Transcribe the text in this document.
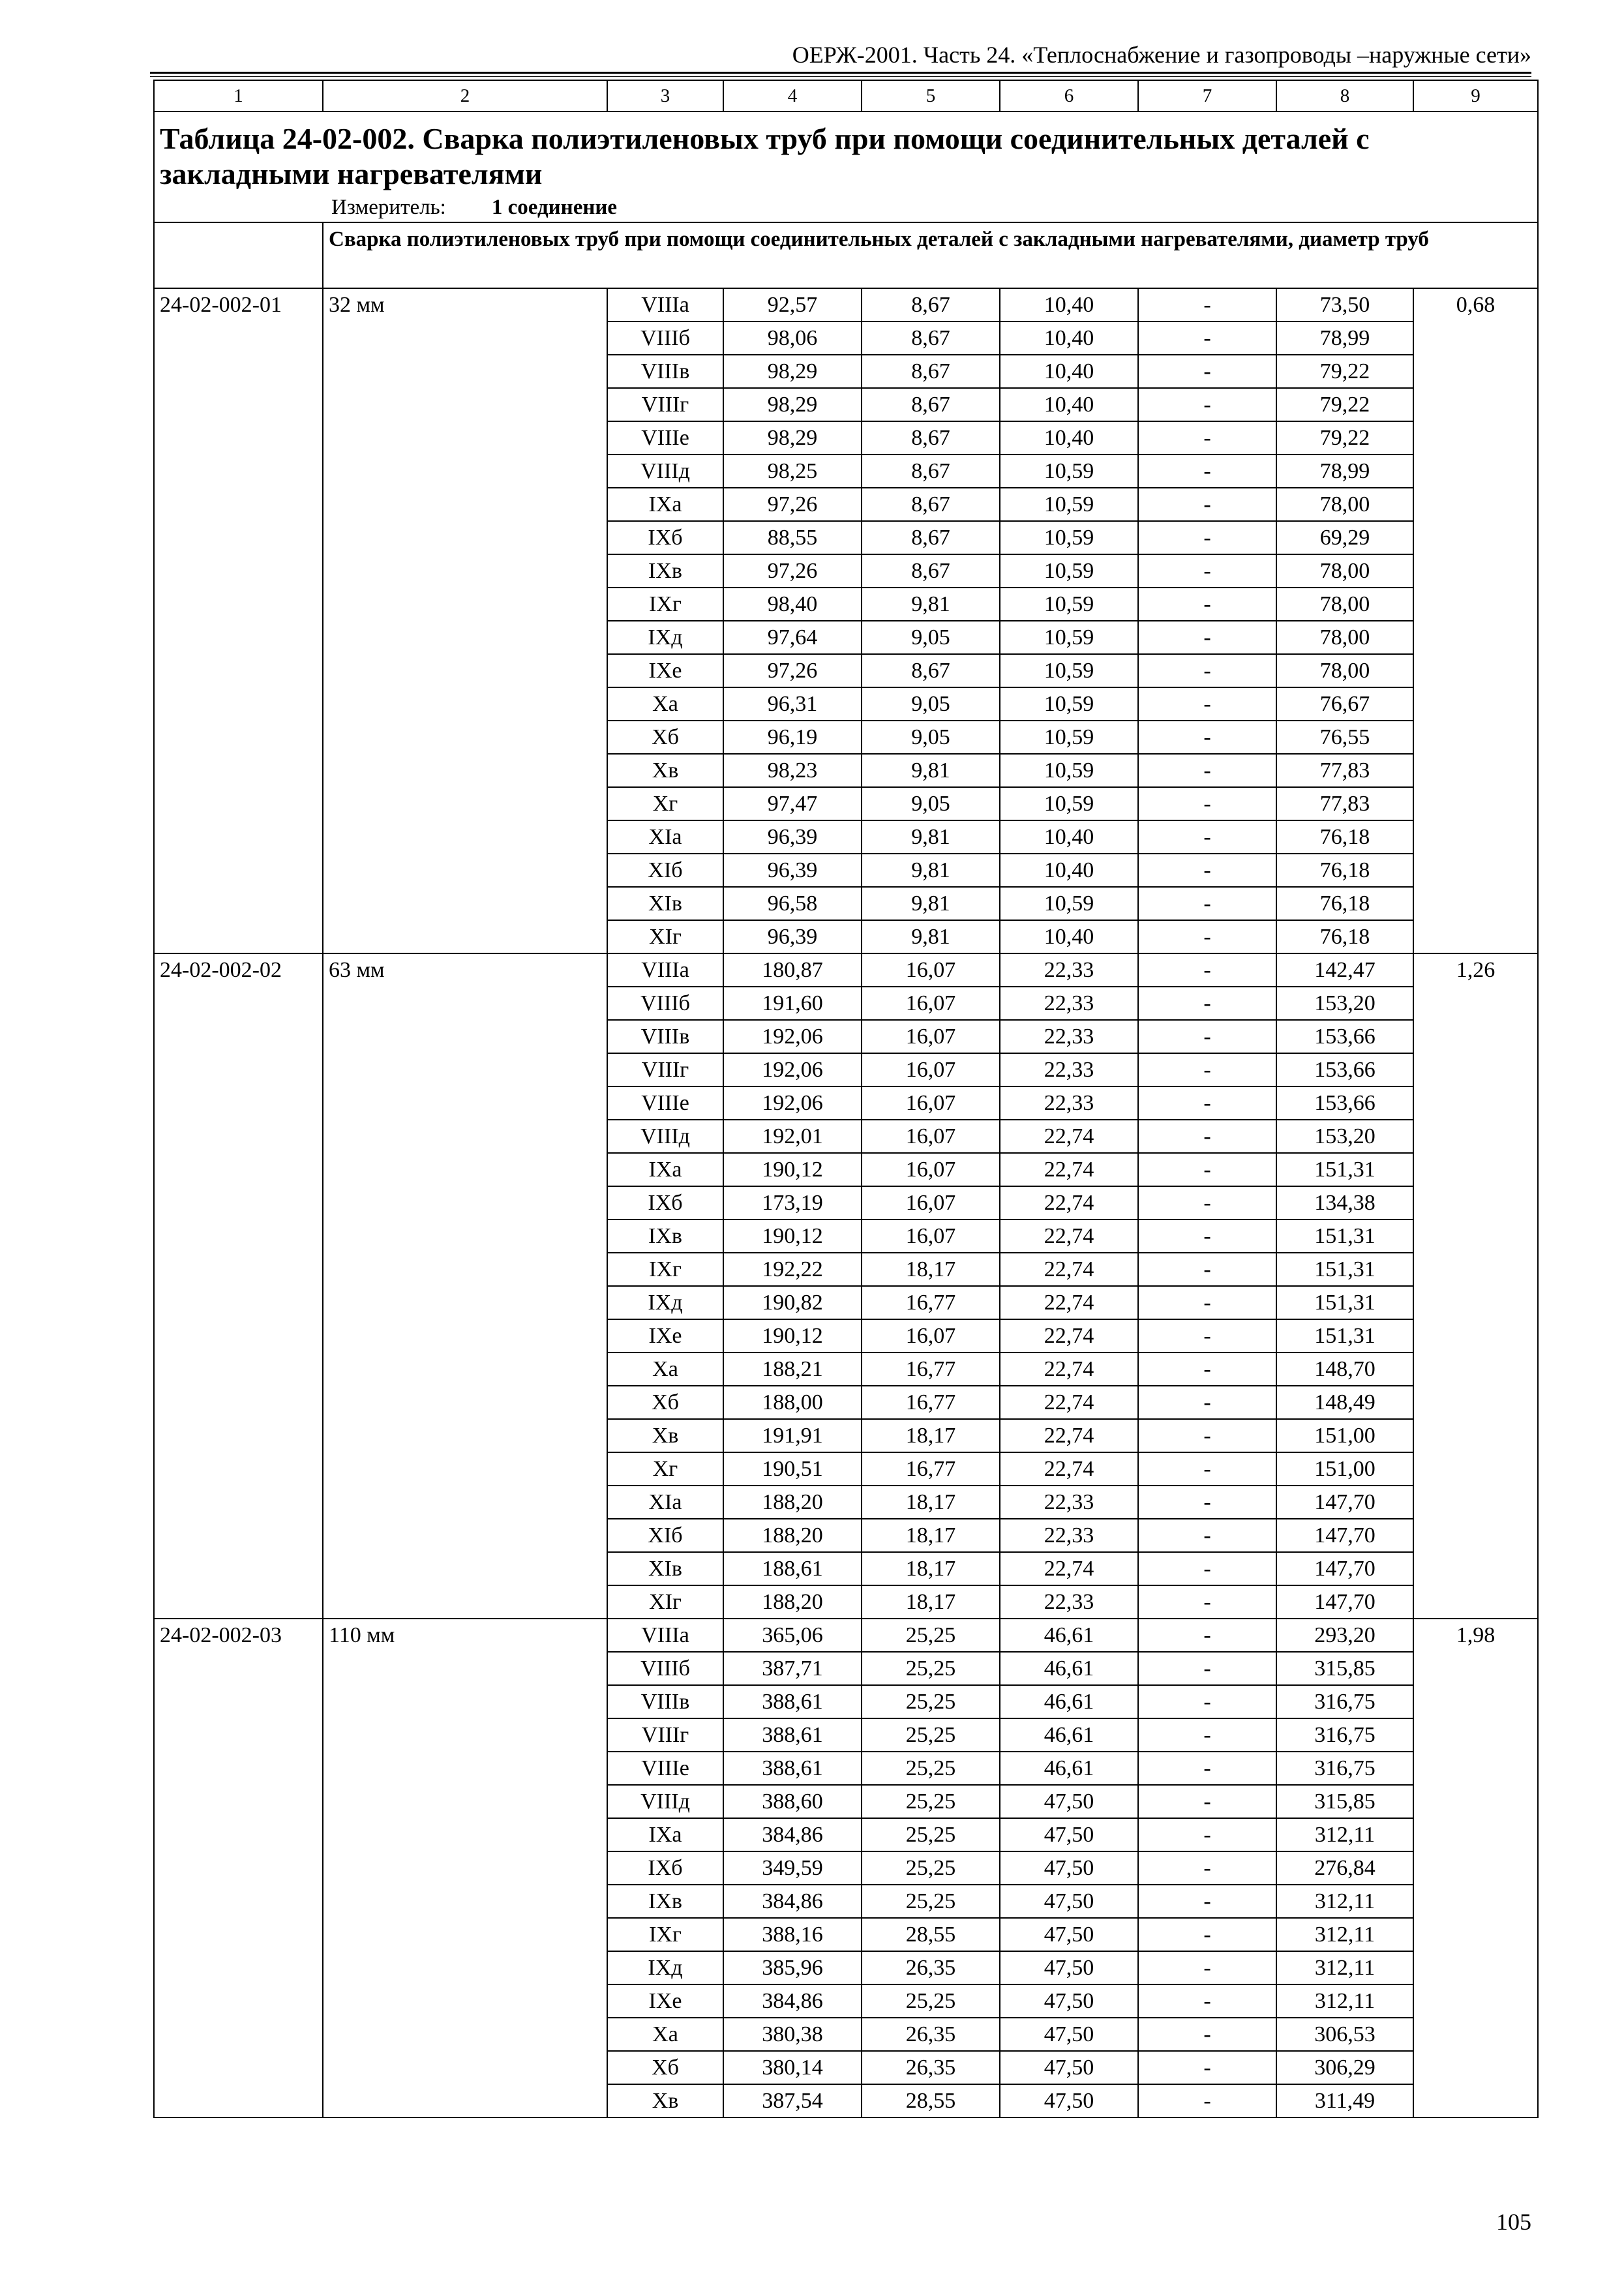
ОЕРЖ-2001. Часть 24. «Теплоснабжение и газопроводы –наружные сети»
1	2	3	4	5	6	7	8	9
Таблица 24-02-002. Сварка полиэтиленовых труб при помощи соединительных деталей с закладными нагревателями
Измеритель: 1 соединение								

	Сварка полиэтиленовых труб при помощи соединительных деталей с закладными нагревателями, диаметр труб							
24-02-002-01	32 мм	VIIIа	92,57	8,67	10,40	-	73,50	0,68
		VIIIб	98,06	8,67	10,40	-	78,99	
		VIIIв	98,29	8,67	10,40	-	79,22	
		VIIIг	98,29	8,67	10,40	-	79,22	
		VIIIе	98,29	8,67	10,40	-	79,22	
		VIIIд	98,25	8,67	10,59	-	78,99	
		IXа	97,26	8,67	10,59	-	78,00	
		IXб	88,55	8,67	10,59	-	69,29	
		IXв	97,26	8,67	10,59	-	78,00	
		IXг	98,40	9,81	10,59	-	78,00	
		IXд	97,64	9,05	10,59	-	78,00	
		IXе	97,26	8,67	10,59	-	78,00	
		Xа	96,31	9,05	10,59	-	76,67	
		Xб	96,19	9,05	10,59	-	76,55	
		Xв	98,23	9,81	10,59	-	77,83	
		Xг	97,47	9,05	10,59	-	77,83	
		XIа	96,39	9,81	10,40	-	76,18	
		XIб	96,39	9,81	10,40	-	76,18	
		XIв	96,58	9,81	10,59	-	76,18	
		XIг	96,39	9,81	10,40	-	76,18	
24-02-002-02	63 мм	VIIIа	180,87	16,07	22,33	-	142,47	1,26
		VIIIб	191,60	16,07	22,33	-	153,20	
		VIIIв	192,06	16,07	22,33	-	153,66	
		VIIIг	192,06	16,07	22,33	-	153,66	
		VIIIе	192,06	16,07	22,33	-	153,66	
		VIIIд	192,01	16,07	22,74	-	153,20	
		IXа	190,12	16,07	22,74	-	151,31	
		IXб	173,19	16,07	22,74	-	134,38	
		IXв	190,12	16,07	22,74	-	151,31	
		IXг	192,22	18,17	22,74	-	151,31	
		IXд	190,82	16,77	22,74	-	151,31	
		IXе	190,12	16,07	22,74	-	151,31	
		Xа	188,21	16,77	22,74	-	148,70	
		Xб	188,00	16,77	22,74	-	148,49	
		Xв	191,91	18,17	22,74	-	151,00	
		Xг	190,51	16,77	22,74	-	151,00	
		XIа	188,20	18,17	22,33	-	147,70	
		XIб	188,20	18,17	22,33	-	147,70	
		XIв	188,61	18,17	22,74	-	147,70	
		XIг	188,20	18,17	22,33	-	147,70	
24-02-002-03	110 мм	VIIIа	365,06	25,25	46,61	-	293,20	1,98
		VIIIб	387,71	25,25	46,61	-	315,85	
		VIIIв	388,61	25,25	46,61	-	316,75	
		VIIIг	388,61	25,25	46,61	-	316,75	
		VIIIе	388,61	25,25	46,61	-	316,75	
		VIIIд	388,60	25,25	47,50	-	315,85	
		IXа	384,86	25,25	47,50	-	312,11	
		IXб	349,59	25,25	47,50	-	276,84	
		IXв	384,86	25,25	47,50	-	312,11	
		IXг	388,16	28,55	47,50	-	312,11	
		IXд	385,96	26,35	47,50	-	312,11	
		IXе	384,86	25,25	47,50	-	312,11	
		Xа	380,38	26,35	47,50	-	306,53	
		Xб	380,14	26,35	47,50	-	306,29	
		Xв	387,54	28,55	47,50	-	311,49	
105
